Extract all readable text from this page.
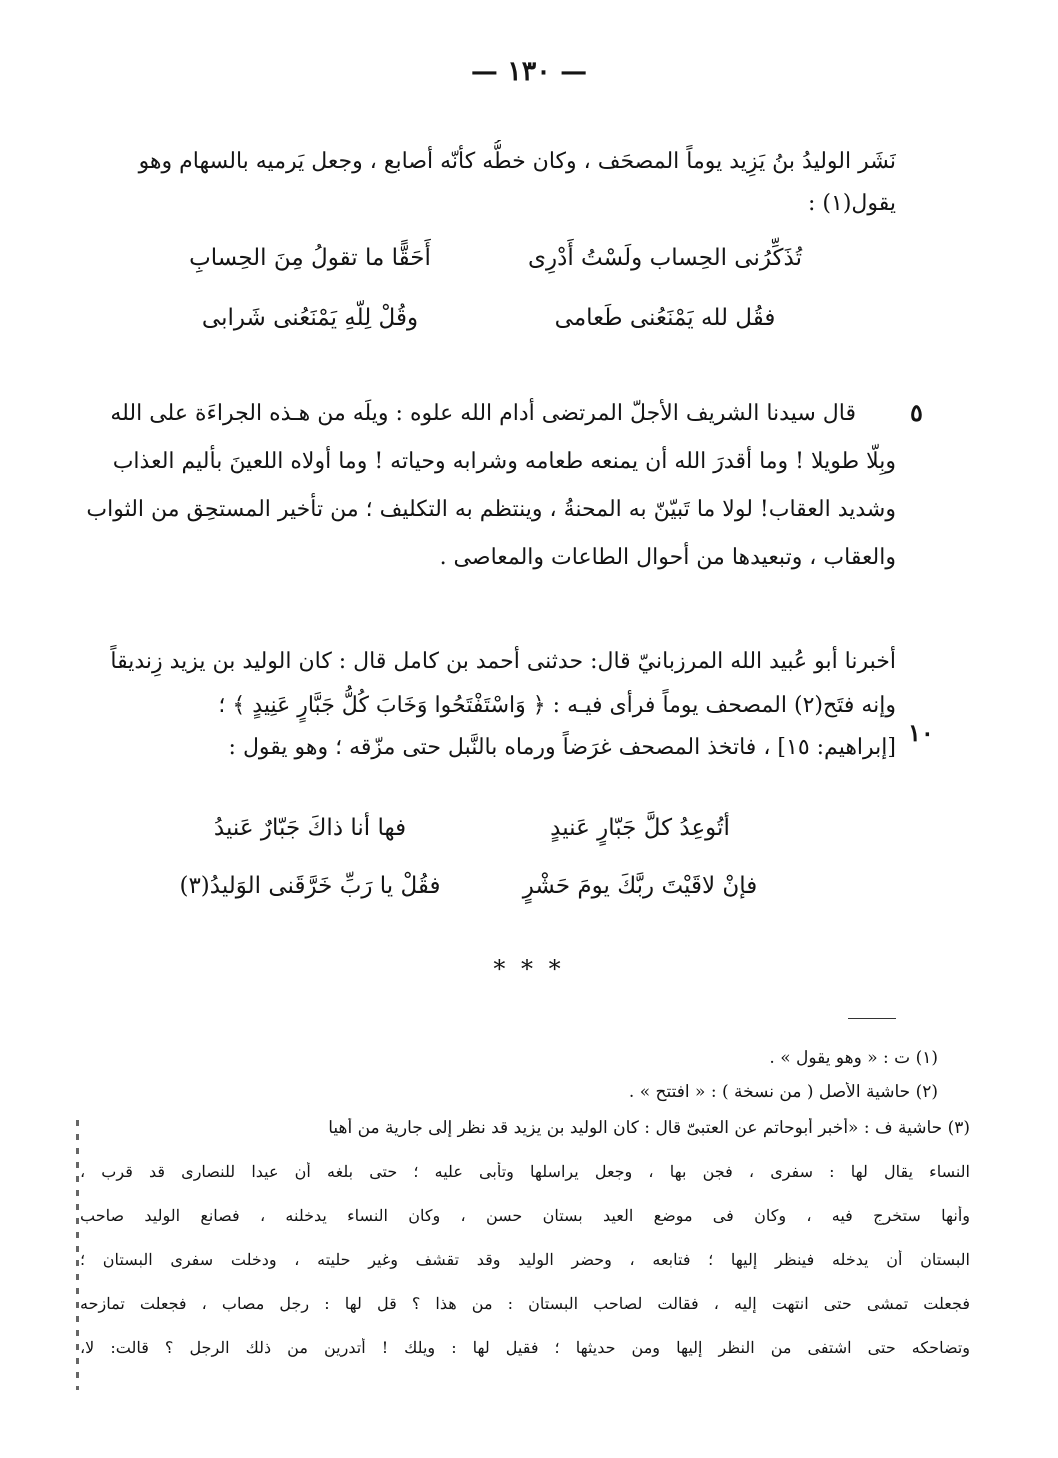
— ١٣٠ —
نَشَر الوليدُ بنُ يَزِيد يوماً المصحَف ، وكان خطُّه كأنّه أصابع ، وجعل يَرميه بالسهام وهو
يقول(١) :
تُذَكِّرُنى الحِساب ولَسْتُ أَدْرِى
أَحَقًّا ما تقولُ مِنَ الحِسابِ
فقُل لله يَمْنَعُنى طَعامى
وقُلْ لِلّهِ يَمْنَعُنى شَرابى
٥
قال سيدنا الشريف الأجلّ المرتضى أدام الله علوه : ويلَه من هـذه الجراءَة على الله
وبِلّا طويلا ! وما أقدرَ الله أن يمنعه طعامه وشرابه وحياته ! وما أولاه اللعينَ بأليم العذاب
وشديد العقاب! لولا ما تَبيّنّ به المحنةُ ، وينتظم به التكليف ؛ من تأخير المستحِق من الثواب
والعقاب ، وتبعيدها من أحوال الطاعات والمعاصى .
١٠
أخبرنا أبو عُبيد الله المرزبانيّ قال: حدثنى أحمد بن كامل قال : كان الوليد بن يزيد زِنديقاً
وإنه فتَح(٢) المصحف يوماً فرأى فيـه : ﴿ وَاسْتَفْتَحُوا وَخَابَ كُلُّ جَبَّارٍ عَنِيدٍ ﴾ ؛
[إبراهيم: ١٥] ، فاتخذ المصحف غرَضاً ورماه بالنَّبل حتى مزّقه ؛ وهو يقول :
أتُوعِدُ كلَّ جَبّارٍ عَنيدٍ
فها أنا ذاكَ جَبّارٌ عَنيدُ
فإنْ لاقَيْتَ ربَّكَ يومَ حَشْرٍ
فقُلْ يا رَبِّ خَرَّقَنى الوَليدُ(٣)
* * *
(١) ت : « وهو يقول » .
(٢) حاشية الأصل ( من نسخة ) : « افتتح » .
(٣) حاشية ف : «أخبر أبوحاتم عن العتبىّ قال : كان الوليد بن يزيد قد نظر إلى جارية من أهيا
النساء يقال لها : سفرى ، فجن بها ، وجعل يراسلها وتأبى عليه ؛ حتى بلغه أن عيدا للنصارى قد قرب ،
وأنها ستخرج فيه ، وكان فى موضع العيد بستان حسن ، وكان النساء يدخلنه ، فصانع الوليد صاحب
البستان أن يدخله فينظر إليها ؛ فتابعه ، وحضر الوليد وقد تقشف وغير حليته ، ودخلت سفرى البستان ؛
فجعلت تمشى حتى انتهت إليه ، فقالت لصاحب البستان : من هذا ؟ قل لها : رجل مصاب ، فجعلت تمازحه
وتضاحكه حتى اشتفى من النظر إليها ومن حديثها ؛ فقيل لها : ويلك ! أتدرين من ذلك الرجل ؟ قالت: لا،
